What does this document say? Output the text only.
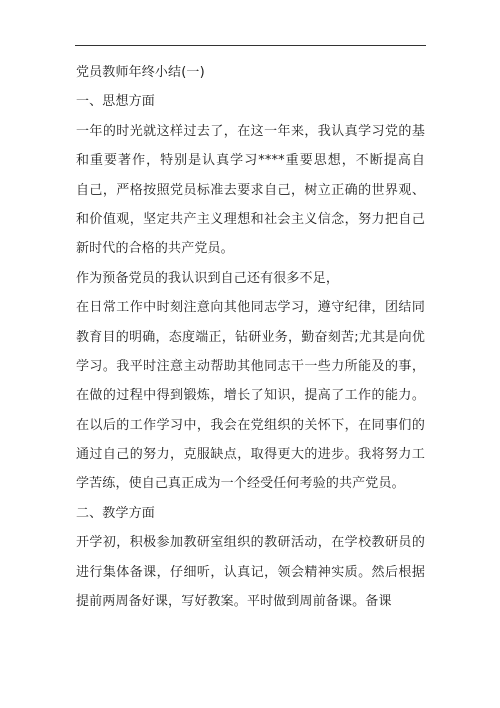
党员教师年终小结(一)
一、思想方面
一年的时光就这样过去了，在这一年来，我认真学习党的基
和重要著作，特别是认真学习****重要思想，不断提高自
自己，严格按照党员标准去要求自己，树立正确的世界观、
和价值观，坚定共产主义理想和社会主义信念，努力把自己
新时代的合格的共产党员。
作为预备党员的我认识到自己还有很多不足，
在日常工作中时刻注意向其他同志学习，遵守纪律，团结同
教育目的明确，态度端正，钻研业务，勤奋刻苦;尤其是向优
学习。我平时注意主动帮助其他同志干一些力所能及的事，
在做的过程中得到锻炼，增长了知识，提高了工作的能力。
在以后的工作学习中，我会在党组织的关怀下，在同事们的
通过自己的努力，克服缺点，取得更大的进步。我将努力工
学苦练，使自己真正成为一个经受任何考验的共产党员。
二、教学方面
开学初，积极参加教研室组织的教研活动，在学校教研员的
进行集体备课，仔细听，认真记，领会精神实质。然后根据
提前两周备好课，写好教案。平时做到周前备课。备课
